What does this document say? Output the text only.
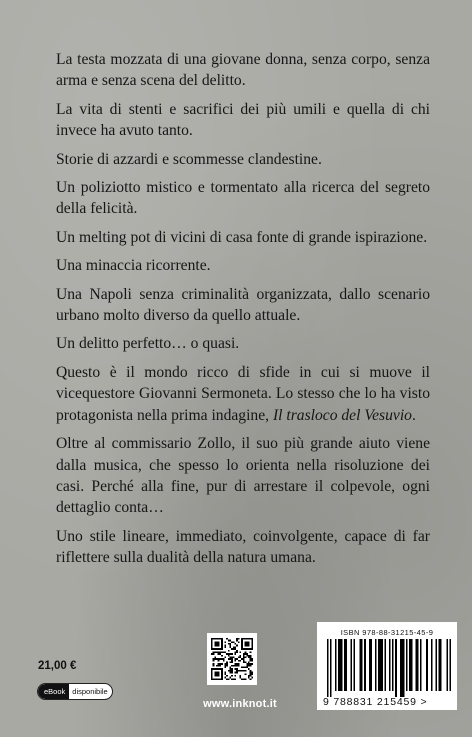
La testa mozzata di una giovane donna, senza corpo, senza arma e senza scena del delitto.

La vita di stenti e sacrifici dei più umili e quella di chi invece ha avuto tanto.

Storie di azzardi e scommesse clandestine.

Un poliziotto mistico e tormentato alla ricerca del segreto della felicità.

Un melting pot di vicini di casa fonte di grande ispirazione.

Una minaccia ricorrente.

Una Napoli senza criminalità organizzata, dallo scenario urbano molto diverso da quello attuale.

Un delitto perfetto… o quasi.

Questo è il mondo ricco di sfide in cui si muove il vicequestore Giovanni Sermoneta. Lo stesso che lo ha visto protagonista nella prima indagine, Il trasloco del Vesuvio.

Oltre al commissario Zollo, il suo più grande aiuto viene dalla musica, che spesso lo orienta nella risoluzione dei casi. Perché alla fine, pur di arrestare il colpevole, ogni dettaglio conta…

Uno stile lineare, immediato, coinvolgente, capace di far riflettere sulla dualità della natura umana.

21,00 €
eBook disponibile
www.inknot.it
ISBN 978-88-31215-45-9
9 788831 215459 >
